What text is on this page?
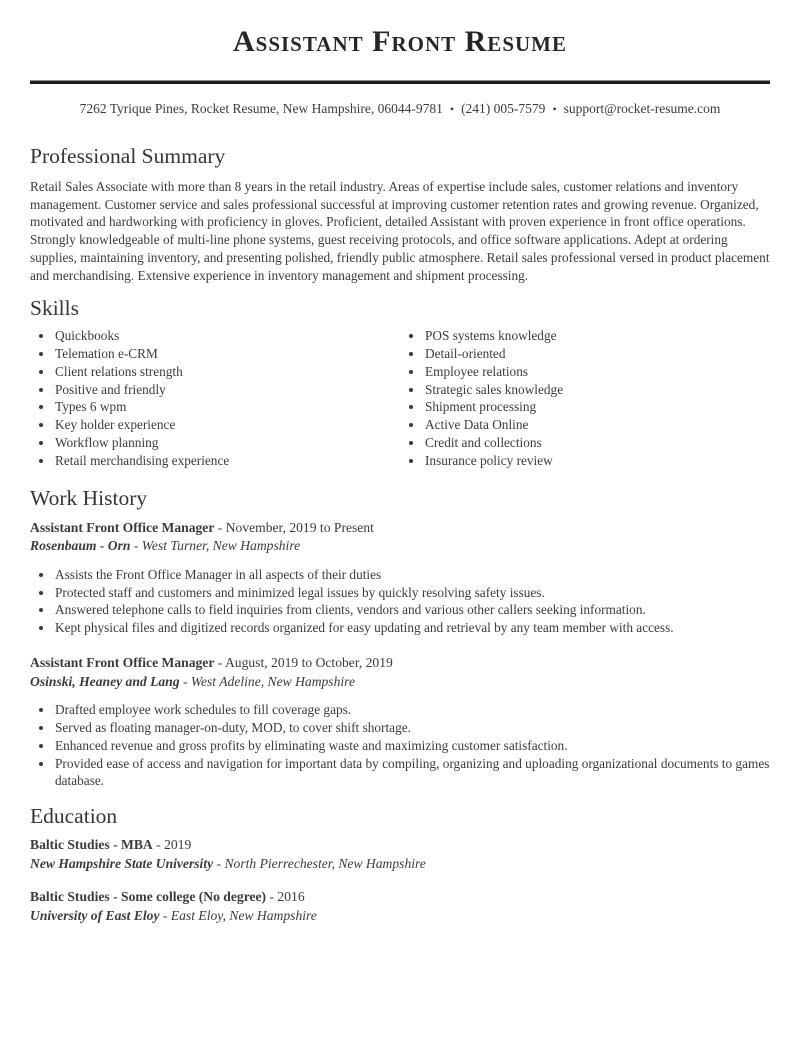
Assistant Front Resume

7262 Tyrique Pines, Rocket Resume, New Hampshire, 06044-9781 • (241) 005-7579 • support@rocket-resume.com

Professional Summary

Retail Sales Associate with more than 8 years in the retail industry. Areas of expertise include sales, customer relations and inventory management. Customer service and sales professional successful at improving customer retention rates and growing revenue. Organized, motivated and hardworking with proficiency in gloves. Proficient, detailed Assistant with proven experience in front office operations. Strongly knowledgeable of multi-line phone systems, guest receiving protocols, and office software applications. Adept at ordering supplies, maintaining inventory, and presenting polished, friendly public atmosphere. Retail sales professional versed in product placement and merchandising. Extensive experience in inventory management and shipment processing.

Skills
• Quickbooks
• Telemation e-CRM
• Client relations strength
• Positive and friendly
• Types 6 wpm
• Key holder experience
• Workflow planning
• Retail merchandising experience
• POS systems knowledge
• Detail-oriented
• Employee relations
• Strategic sales knowledge
• Shipment processing
• Active Data Online
• Credit and collections
• Insurance policy review
Work History

Assistant Front Office Manager - November, 2019 to Present

Rosenbaum - Orn - West Turner, New Hampshire

• Assists the Front Office Manager in all aspects of their duties
• Protected staff and customers and minimized legal issues by quickly resolving safety issues.
• Answered telephone calls to field inquiries from clients, vendors and various other callers seeking information.
• Kept physical files and digitized records organized for easy updating and retrieval by any team member with access.

Assistant Front Office Manager - August, 2019 to October, 2019

Osinski, Heaney and Lang - West Adeline, New Hampshire

• Drafted employee work schedules to fill coverage gaps.
• Served as floating manager-on-duty, MOD, to cover shift shortage.
• Enhanced revenue and gross profits by eliminating waste and maximizing customer satisfaction.
• Provided ease of access and navigation for important data by compiling, organizing and uploading organizational documents to games database.
Education

Baltic Studies - MBA - 2019

New Hampshire State University - North Pierrechester, New Hampshire

Baltic Studies - Some college (No degree) - 2016

University of East Eloy - East Eloy, New Hampshire
